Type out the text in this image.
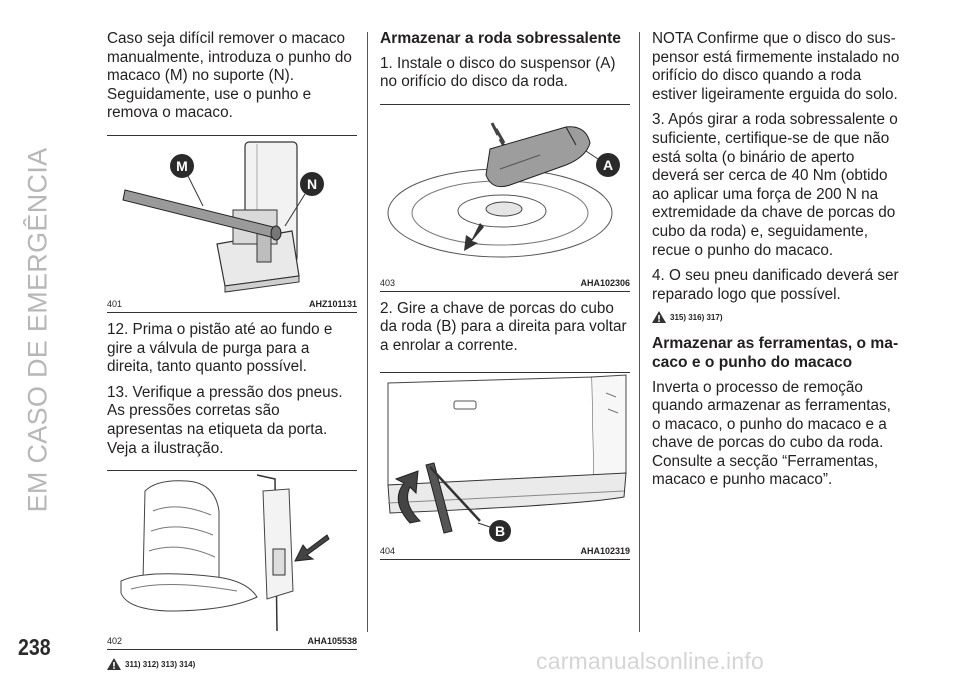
EM CASO DE EMERGÊNCIA
238
carmanualsonline.info

Caso seja difícil remover o macaco manualmente, introduza o punho do macaco (M) no suporte (N). Seguidamente, use o punho e remova o macaco.

M
N
401	AHZ101131

12. Prima o pistão até ao fundo e gire a válvula de purga para a direita, tanto quanto possível.

13. Verifique a pressão dos pneus. As pressões corretas são apresentas na etiqueta da porta. Veja a ilustração.

402	AHA105538
311) 312) 313) 314)
Armazenar a roda sobressalente

1. Instale o disco do suspensor (A) no orifício do disco da roda.

A
403	AHA102306

2. Gire a chave de porcas do cubo da roda (B) para a direita para voltar a enrolar a corrente.

B
404	AHA102319

NOTA Confirme que o disco do suspensor está firmemente instalado no orifício do disco quando a roda estiver ligeiramente erguida do solo.

3. Após girar a roda sobressalente o suficiente, certifique-se de que não está solta (o binário de aperto deverá ser cerca de 40 Nm (obtido ao aplicar uma força de 200 N na extremidade da chave de porcas do cubo da roda) e, seguidamente, recue o punho do macaco.

4. O seu pneu danificado deverá ser reparado logo que possível.

315) 316) 317)
Armazenar as ferramentas, o macaco e o punho do macaco

Inverta o processo de remoção quando armazenar as ferramentas, o macaco, o punho do macaco e a chave de porcas do cubo da roda. Consulte a secção “Ferramentas, macaco e punho macaco”.
